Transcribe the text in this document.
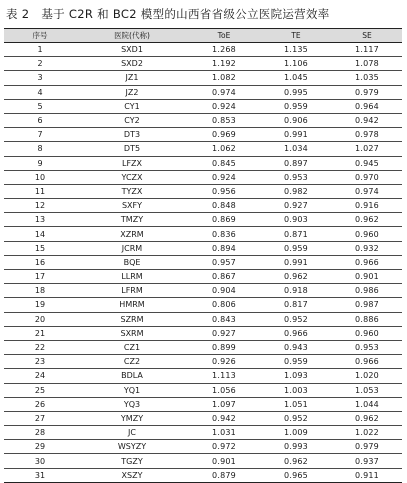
表 2 基于 C2R 和 BC2 模型的山西省省级公立医院运营效率
序号	医院(代称)	ToE	TE	SE
1	SXD1	1.268	1.135	1.117
2	SXD2	1.192	1.106	1.078
3	JZ1	1.082	1.045	1.035
4	JZ2	0.974	0.995	0.979
5	CY1	0.924	0.959	0.964
6	CY2	0.853	0.906	0.942
7	DT3	0.969	0.991	0.978
8	DT5	1.062	1.034	1.027
9	LFZX	0.845	0.897	0.945
10	YCZX	0.924	0.953	0.970
11	TYZX	0.956	0.982	0.974
12	SXFY	0.848	0.927	0.916
13	TMZY	0.869	0.903	0.962
14	XZRM	0.836	0.871	0.960
15	JCRM	0.894	0.959	0.932
16	BQE	0.957	0.991	0.966
17	LLRM	0.867	0.962	0.901
18	LFRM	0.904	0.918	0.986
19	HMRM	0.806	0.817	0.987
20	SZRM	0.843	0.952	0.886
21	SXRM	0.927	0.966	0.960
22	CZ1	0.899	0.943	0.953
23	CZ2	0.926	0.959	0.966
24	BDLA	1.113	1.093	1.020
25	YQ1	1.056	1.003	1.053
26	YQ3	1.097	1.051	1.044
27	YMZY	0.942	0.952	0.962
28	JC	1.031	1.009	1.022
29	WSYZY	0.972	0.993	0.979
30	TGZY	0.901	0.962	0.937
31	XSZY	0.879	0.965	0.911
